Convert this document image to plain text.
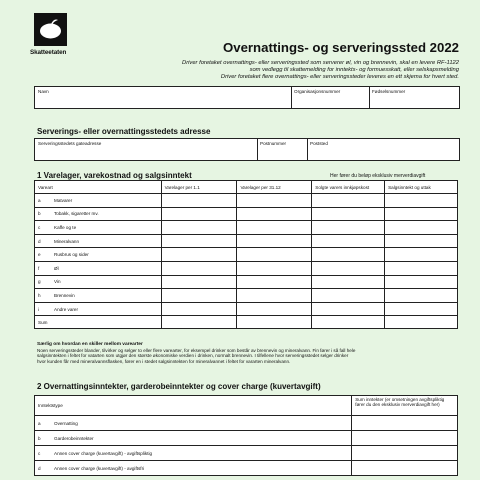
Skatteetaten	Overnattings- og serveringssted 2022
Driver foretaket overnattings- eller serveringssted som serverer øl, vin og brennevin, skal en levere RF-1122
som vedlegg til skattemelding for inntekts- og formuesskatt, eller selskapsmelding
Driver foretaket flere overnattings- eller serveringssteder leveres en ett skjema for hvert sted.
Navn	Organisasjonsnummer	Fødselsnummer
Serverings- eller overnattingsstedets adresse
Serveringsstedets gateadresse	Postnummer	Poststed
1 Varelager, varekostnad og salgsinntekt	Her fører du beløp eksklusiv merverdiavgift
Vareart	Varelager per 1.1	Varelager per 31.12	Solgte varers innkjøpskost	Salgsinntekt og uttak
a Matvarer				
b Tobakk, sigaretter mv.				
c Kaffe og te				
d Mineralvann				
e Rusbrus og sider				
f Øl				
g Vin				
h Brennevin				
i Andre varer				
Sum				
Særlig om hvordan en skiller mellom varearter
Noen serveringssteder blander, tilvirker og selger to eller flere varearter, for eksempel drinker som består av brennevin og mineralvann. Fin fører i så fall hele
salgsinntekten i feltet for vatarten som utgjør den største økonomiske verdien i drinken, normalt brennevin. I tilfellene hvor serveringsstedet selger drinker
hvor kunden får med mineralvannsflasken, fører en i stedet salgsinntekten for mineralvannet i feltet for vararten mineralvann.
2 Overnattingsinntekter, garderobeinntekter og cover charge (kuvertavgift)
Inntektstype	Sum inntekter (er omsetningen avgiftspliktig fører du den eksklusiv merverdiavgift her)
a Overnatting	
b Garderobeinntekter	
c Annen cover charge (kuvertavgift) - avgiftspliktig	
d Annen cover charge (kuvertavgift) - avgiftsfri	
